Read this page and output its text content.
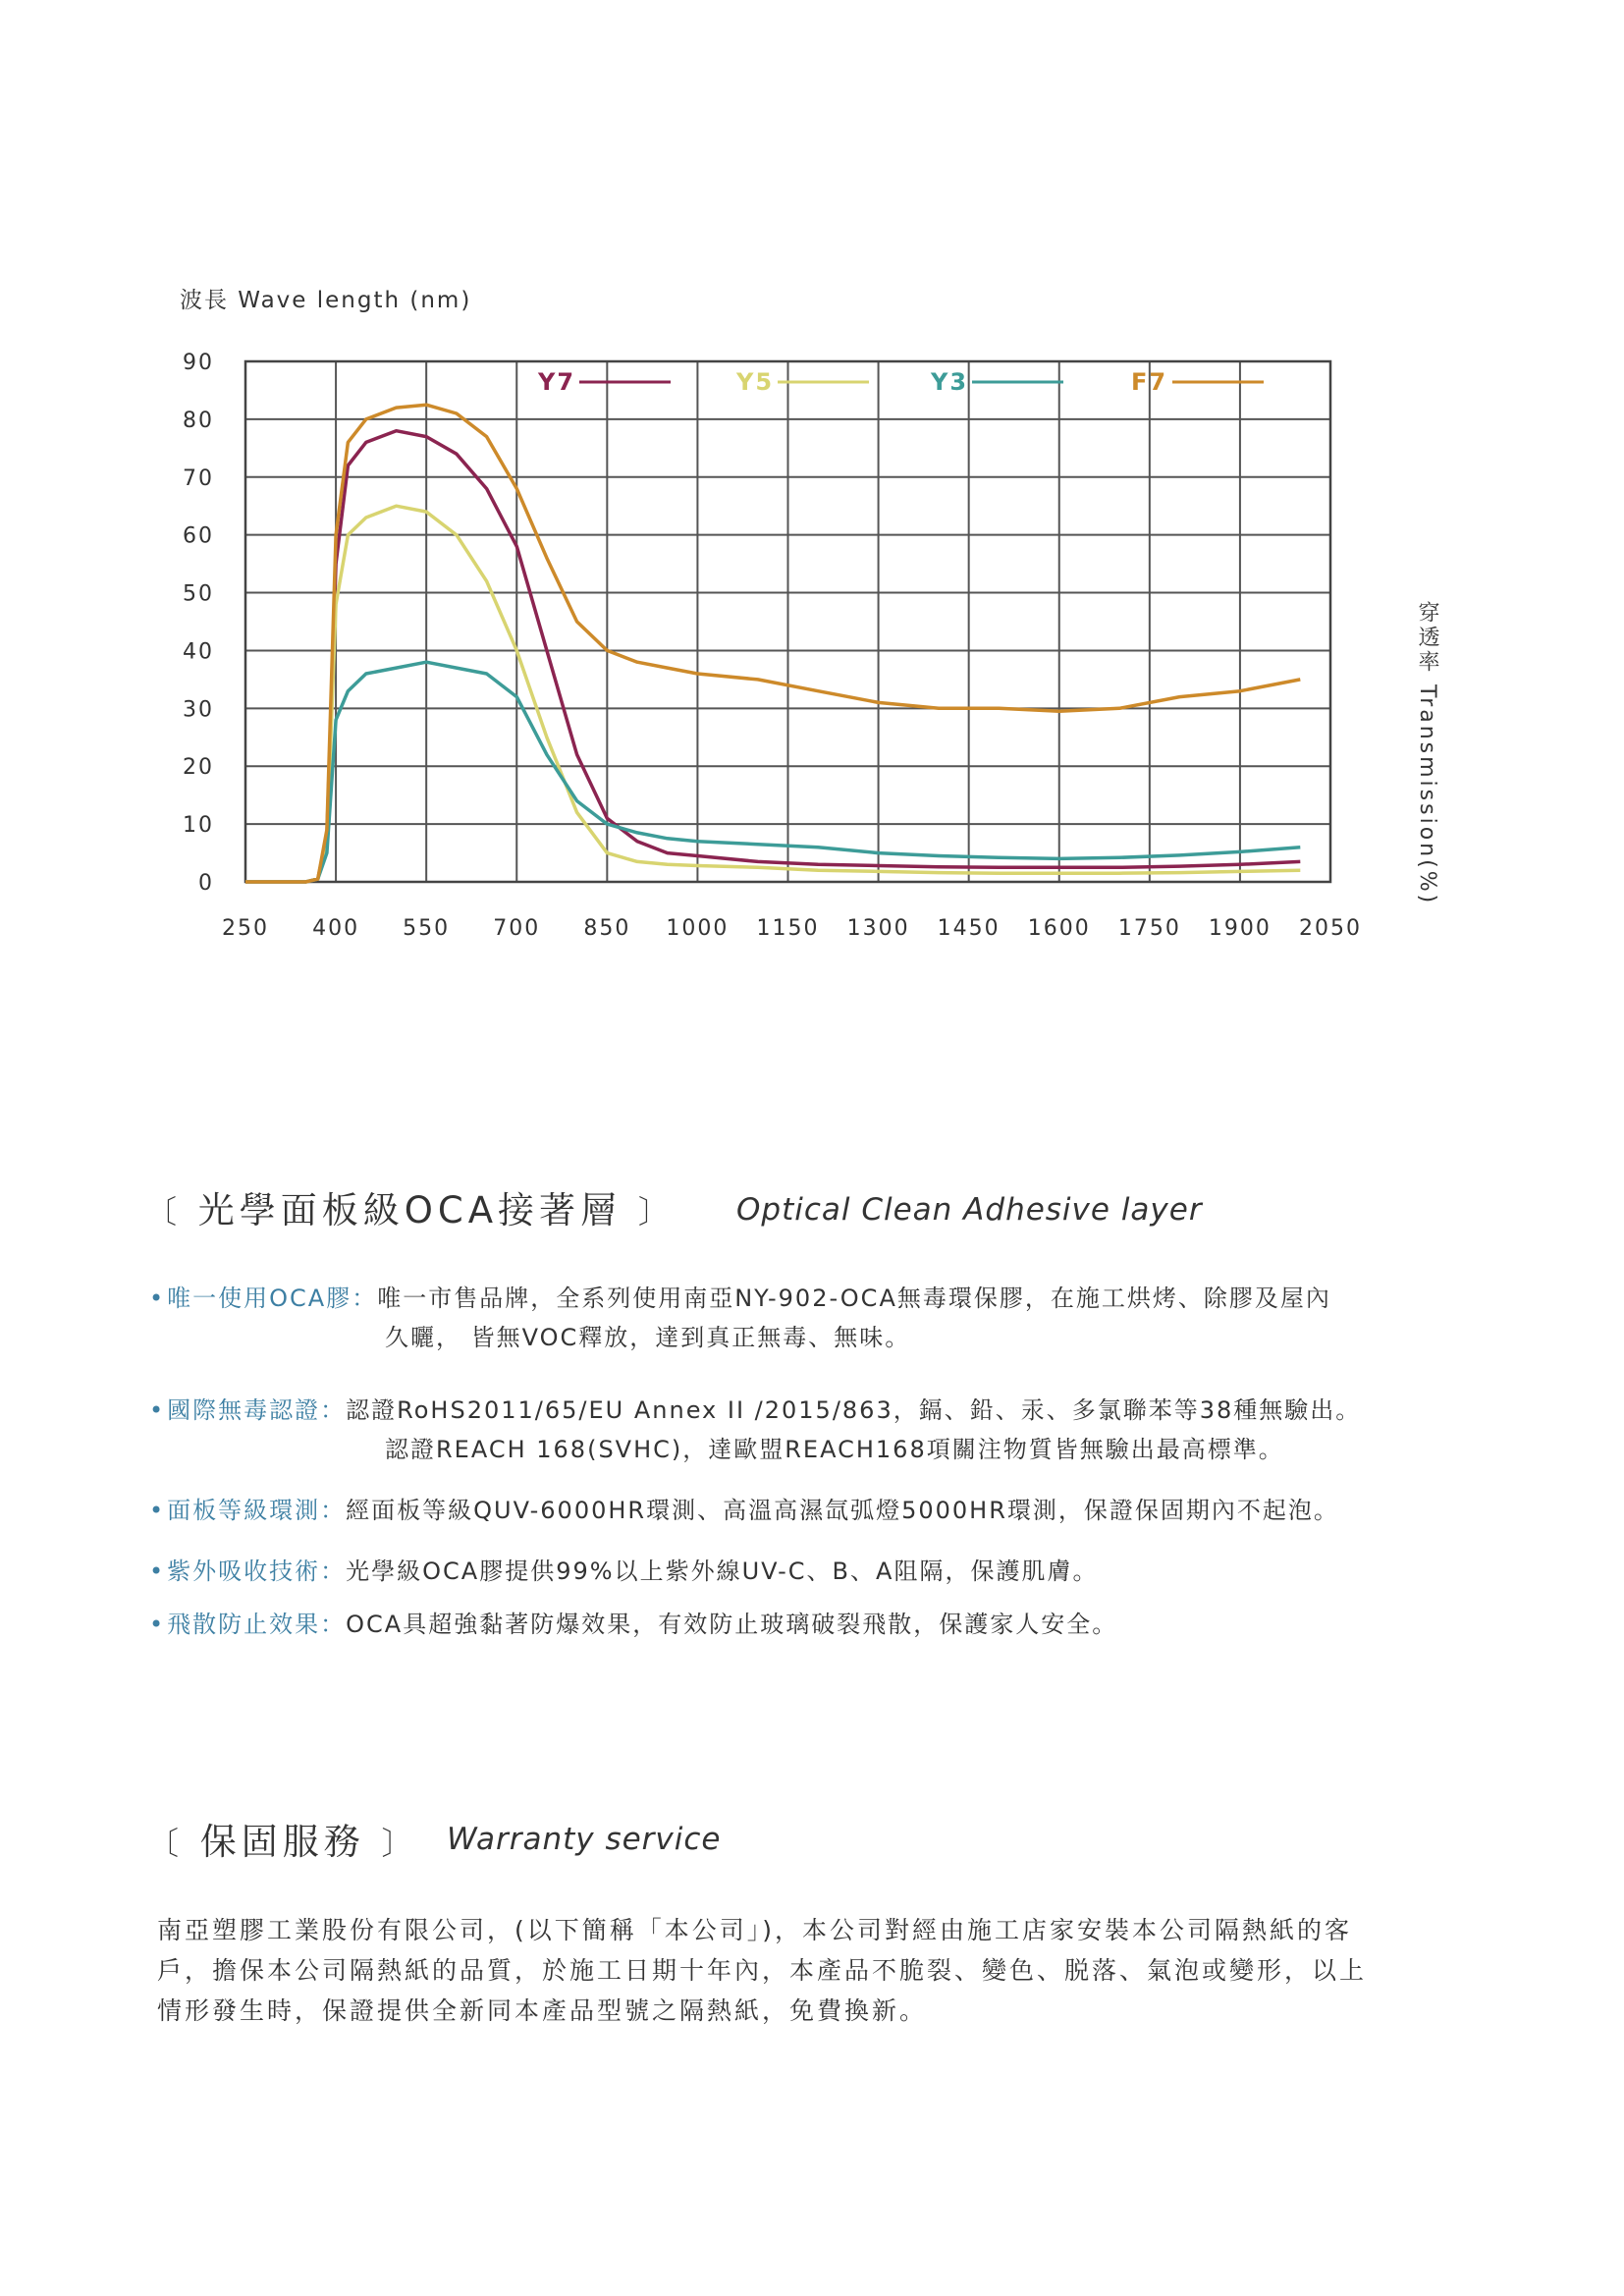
波長 Wave length (nm)
250 400 550 700 850 1000 1150 1300 1450 1600 1750 1900 2050
0
10
20
30
40
50
60
70
80
90
Y7	Y5	Y3	F7
穿透率 Transmission(%)
〔 光學面板級OCA接著層 〕 Optical Clean Adhesive layer
•唯一使用OCA膠：唯一市售品牌，全系列使用南亞NY-902-OCA無毒環保膠，在施工烘烤、除膠及屋內
久曬， 皆無VOC釋放，達到真正無毒、無味。
•國際無毒認證：認證RoHS2011/65/EU Annex II /2015/863，鎘、鉛、汞、多氯聯苯等38種無驗出。
認證REACH 168(SVHC)，達歐盟REACH168項關注物質皆無驗出最高標準。
•面板等級環測：經面板等級QUV-6000HR環測、高溫高濕氙弧燈5000HR環測，保證保固期內不起泡。
•紫外吸收技術：光學級OCA膠提供99%以上紫外線UV-C、B、A阻隔，保護肌膚。
•飛散防止效果：OCA具超強黏著防爆效果，有效防止玻璃破裂飛散，保護家人安全。
〔 保固服務 〕 Warranty service
南亞塑膠工業股份有限公司，(以下簡稱「本公司」)，本公司對經由施工店家安裝本公司隔熱紙的客
戶，擔保本公司隔熱紙的品質，於施工日期十年內，本產品不脆裂、變色、脱落、氣泡或變形，以上
情形發生時，保證提供全新同本產品型號之隔熱紙，免費換新。
